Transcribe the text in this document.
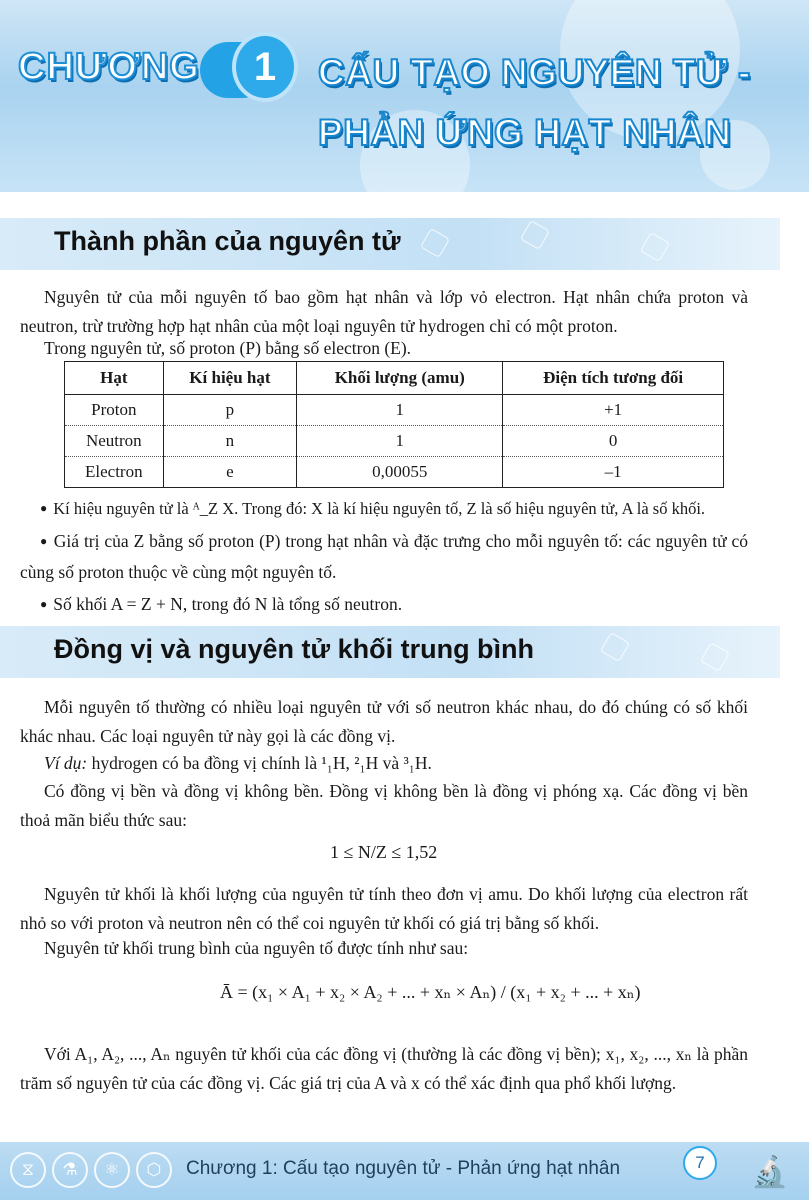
CHƯƠNG	1	CẤU TẠO NGUYÊN TỬ -
PHẢN ỨNG HẠT NHÂN
Thành phần của nguyên tử
Nguyên tử của mỗi nguyên tố bao gồm hạt nhân và lớp vỏ electron. Hạt nhân chứa proton và neutron, trừ trường hợp hạt nhân của một loại nguyên tử hydrogen chỉ có một proton.
Trong nguyên tử, số proton (P) bằng số electron (E).
Hạt	Kí hiệu hạt	Khối lượng (amu)	Điện tích tương đối
Proton	p	1	+1
Neutron	n	1	0
Electron	e	0,00055	–1
● Kí hiệu nguyên tử là ᴬ_Z X. Trong đó: X là kí hiệu nguyên tố, Z là số hiệu nguyên tử, A là số khối.
● Giá trị của Z bằng số proton (P) trong hạt nhân và đặc trưng cho mỗi nguyên tố: các nguyên tử có cùng số proton thuộc về cùng một nguyên tố.
● Số khối A = Z + N, trong đó N là tổng số neutron.
Đồng vị và nguyên tử khối trung bình
Mỗi nguyên tố thường có nhiều loại nguyên tử với số neutron khác nhau, do đó chúng có số khối khác nhau. Các loại nguyên tử này gọi là các đồng vị.
Ví dụ: hydrogen có ba đồng vị chính là ¹₁H, ²₁H và ³₁H.
Có đồng vị bền và đồng vị không bền. Đồng vị không bền là đồng vị phóng xạ. Các đồng vị bền thoả mãn biểu thức sau:
1 ≤ N/Z ≤ 1,52
Nguyên tử khối là khối lượng của nguyên tử tính theo đơn vị amu. Do khối lượng của electron rất nhỏ so với proton và neutron nên có thể coi nguyên tử khối có giá trị bằng số khối.
Nguyên tử khối trung bình của nguyên tố được tính như sau:
Ā = (x₁ × A₁ + x₂ × A₂ + ... + xₙ × Aₙ) / (x₁ + x₂ + ... + xₙ)
Với A₁, A₂, ..., Aₙ nguyên tử khối của các đồng vị (thường là các đồng vị bền); x₁, x₂, ..., xₙ là phần trăm số nguyên tử của các đồng vị. Các giá trị của A và x có thể xác định qua phổ khối lượng.
⧖	⚗	⚛	⬡	Chương 1: Cấu tạo nguyên tử - Phản ứng hạt nhân	7	🔬
